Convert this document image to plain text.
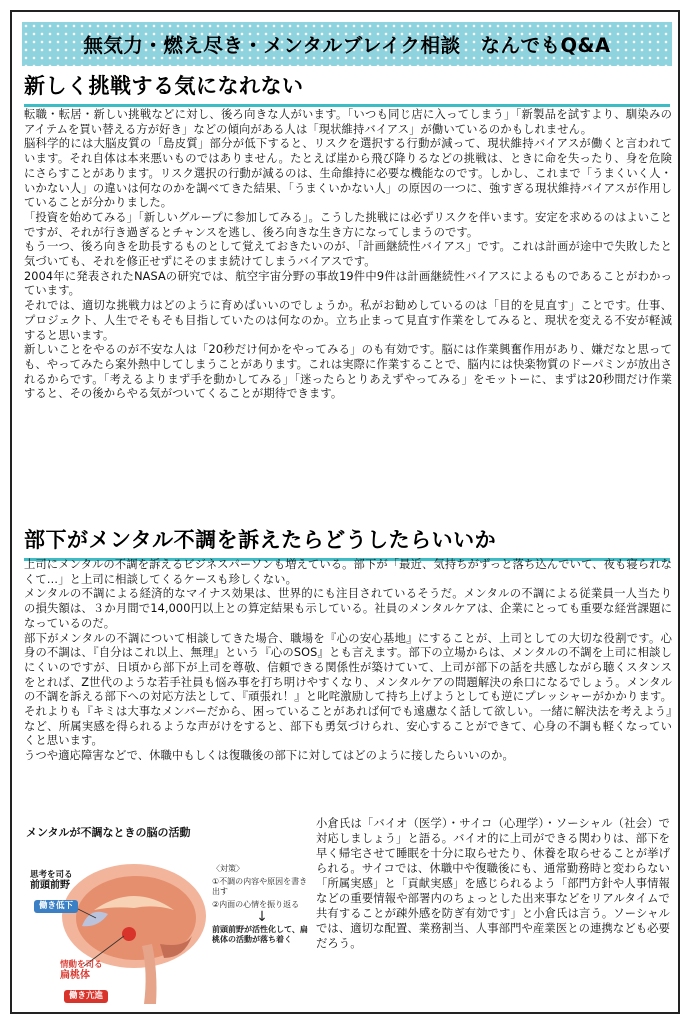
無気力・燃え尽き・メンタルブレイク相談　なんでもQ&A
新しく挑戦する気になれない

転職・転居・新しい挑戦などに対し、後ろ向きな人がいます。「いつも同じ店に入ってしまう」「新製品を試すより、馴染みのアイテムを買い替える方が好き」などの傾向がある人は「現状維持バイアス」が働いているのかもしれません。

脳科学的には大脳皮質の「島皮質」部分が低下すると、リスクを選択する行動が減って、現状維持バイアスが働くと言われています。それ自体は本来悪いものではありません。たとえば崖から飛び降りるなどの挑戦は、ときに命を失ったり、身を危険にさらすことがあります。リスク選択の行動が減るのは、生命維持に必要な機能なのです。しかし、これまで「うまくいく人・いかない人」の違いは何なのかを調べてきた結果、「うまくいかない人」の原因の一つに、強すぎる現状維持バイアスが作用していることが分かりました。

「投資を始めてみる」「新しいグループに参加してみる」。こうした挑戦には必ずリスクを伴います。安定を求めるのはよいことですが、それが行き過ぎるとチャンスを逃し、後ろ向きな生き方になってしまうのです。

もう一つ、後ろ向きを助長するものとして覚えておきたいのが、「計画継続性バイアス」です。これは計画が途中で失敗したと気づいても、それを修正せずにそのまま続けてしまうバイアスです。

2004年に発表されたNASAの研究では、航空宇宙分野の事故19件中9件は計画継続性バイアスによるものであることがわかっています。

それでは、適切な挑戦力はどのように育めばいいのでしょうか。私がお勧めしているのは「目的を見直す」ことです。仕事、プロジェクト、人生でそもそも目指していたのは何なのか。立ち止まって見直す作業をしてみると、現状を変える不安が軽減すると思います。

新しいことをやるのが不安な人は「20秒だけ何かをやってみる」のも有効です。脳には作業興奮作用があり、嫌だなと思っても、やってみたら案外熱中してしまうことがあります。これは実際に作業することで、脳内には快楽物質のドーパミンが放出されるからです。「考えるよりまず手を動かしてみる」「迷ったらとりあえずやってみる」をモットーに、まずは20秒間だけ作業すると、その後からやる気がついてくることが期待できます。

部下がメンタル不調を訴えたらどうしたらいいか

上司にメンタルの不調を訴えるビジネスパーソンも増えている。部下が「最近、気持ちがずっと落ち込んでいて、夜も寝られなくて…」と上司に相談してくるケースも珍しくない。

メンタルの不調による経済的なマイナス効果は、世界的にも注目されているそうだ。メンタルの不調による従業員一人当たりの損失額は、３か月間で14,000円以上との算定結果も示している。社員のメンタルケアは、企業にとっても重要な経営課題になっているのだ。

部下がメンタルの不調について相談してきた場合、職場を『心の安心基地』にすることが、上司としての大切な役割です。心身の不調は、『自分はこれ以上、無理』という『心のSOS』とも言えます。部下の立場からは、メンタルの不調を上司に相談しにくいのですが、日頃から部下が上司を尊敬、信頼できる関係性が築けていて、上司が部下の話を共感しながら聴くスタンスをとれば、Z世代のような若手社員も悩み事を打ち明けやすくなり、メンタルケアの問題解決の糸口になるでしょう。メンタルの不調を訴える部下への対応方法として、『頑張れ！』と叱咤激励して持ち上げようとしても逆にプレッシャーがかかります。それよりも『キミは大事なメンバーだから、困っていることがあれば何でも遠慮なく話して欲しい。一緒に解決法を考えよう』など、所属実感を得られるような声がけをすると、部下も勇気づけられ、安心することができて、心身の不調も軽くなっていくと思います。

うつや適応障害などで、休職中もしくは復職後の部下に対してはどのように接したらいいのか。

メンタルが不調なときの脳の活動
思考を司る
前頭前野
働き低下
情動を司る
扁桃体
働き亢進
〈対策〉
①不調の内容や原因を書き出す
②内面の心情を振り返る
↓
前頭前野が活性化して、扁桃体の活動が落ち着く
小倉氏は「バイオ（医学）・サイコ（心理学）・ソーシャル（社会）で対応しましょう」と語る。バイオ的に上司ができる関わりは、部下を早く帰宅させて睡眠を十分に取らせたり、休養を取らせることが挙げられる。サイコでは、休職中や復職後にも、通常勤務時と変わらない「所属実感」と「貢献実感」を感じられるよう「部門方針や人事情報などの重要情報や部署内のちょっとした出来事などをリアルタイムで共有することが疎外感を防ぎ有効です」と小倉氏は言う。ソーシャルでは、適切な配置、業務割当、人事部門や産業医との連携なども必要だろう。
